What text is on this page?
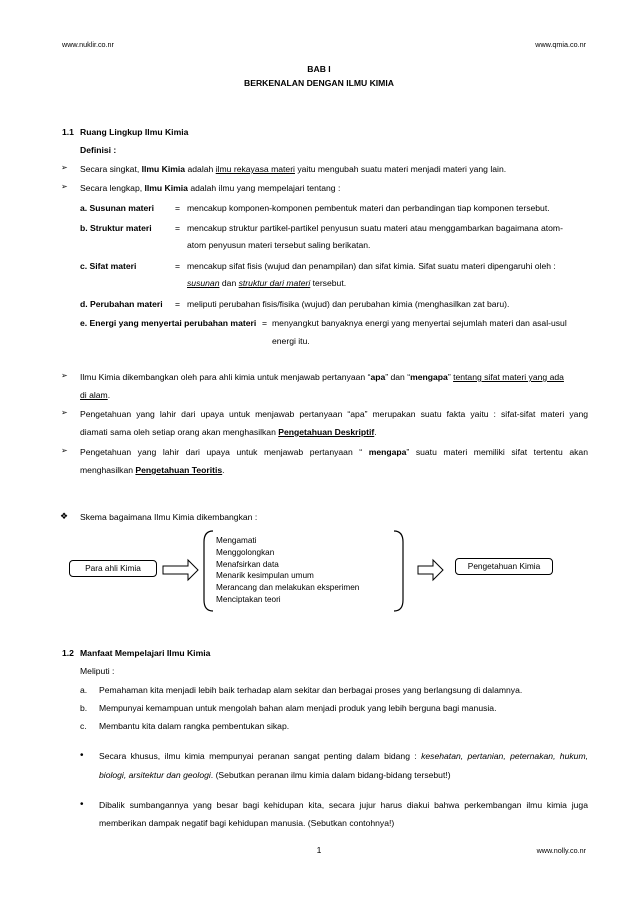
www.nuklir.co.nr	www.qmia.co.nr
BAB I
BERKENALAN DENGAN ILMU KIMIA
1.1 Ruang Lingkup Ilmu Kimia
Definisi :
➢ Secara singkat, Ilmu Kimia adalah ilmu rekayasa materi yaitu mengubah suatu materi menjadi materi yang lain.
➢ Secara lengkap, Ilmu Kimia adalah ilmu yang mempelajari tentang :
a. Susunan materi = mencakup komponen-komponen pembentuk materi dan perbandingan tiap komponen tersebut.
b. Struktur materi	= mencakup struktur partikel-partikel penyusun suatu materi atau menggambarkan bagaimana atom-
atom penyusun materi tersebut saling berikatan.
c. Sifat materi	= mencakup sifat fisis (wujud dan penampilan) dan sifat kimia. Sifat suatu materi dipengaruhi oleh :
susunan dan struktur dari materi tersebut.
d. Perubahan materi = meliputi perubahan fisis/fisika (wujud) dan perubahan kimia (menghasilkan zat baru).
e. Energi yang menyertai perubahan materi = menyangkut banyaknya energi yang menyertai sejumlah materi dan asal-usul
energi itu.
➢ Ilmu Kimia dikembangkan oleh para ahli kimia untuk menjawab pertanyaan “apa” dan “mengapa” tentang sifat materi yang ada
di alam.
➢ Pengetahuan yang lahir dari upaya untuk menjawab pertanyaan “apa” merupakan suatu fakta yaitu : sifat-sifat materi yang
diamati sama oleh setiap orang akan menghasilkan Pengetahuan Deskriptif.
➢ Pengetahuan yang lahir dari upaya untuk menjawab pertanyaan “ mengapa” suatu materi memiliki sifat tertentu akan
menghasilkan Pengetahuan Teoritis.
❖ Skema bagaimana Ilmu Kimia dikembangkan :
Para ahli Kimia	Pengetahuan Kimia
Mengamati
Menggolongkan
Menafsirkan data
Menarik kesimpulan umum
Merancang dan melakukan eksperimen
Menciptakan teori
1.2 Manfaat Mempelajari Ilmu Kimia
Meliputi :
a. Pemahaman kita menjadi lebih baik terhadap alam sekitar dan berbagai proses yang berlangsung di dalamnya.
b. Mempunyai kemampuan untuk mengolah bahan alam menjadi produk yang lebih berguna bagi manusia.
c. Membantu kita dalam rangka pembentukan sikap.
• Secara khusus, ilmu kimia mempunyai peranan sangat penting dalam bidang : kesehatan, pertanian, peternakan, hukum,
biologi, arsitektur dan geologi. (Sebutkan peranan ilmu kimia dalam bidang-bidang tersebut!)
• Dibalik sumbangannya yang besar bagi kehidupan kita, secara jujur harus diakui bahwa perkembangan ilmu kimia juga
memberikan dampak negatif bagi kehidupan manusia. (Sebutkan contohnya!)
1	www.nolly.co.nr
